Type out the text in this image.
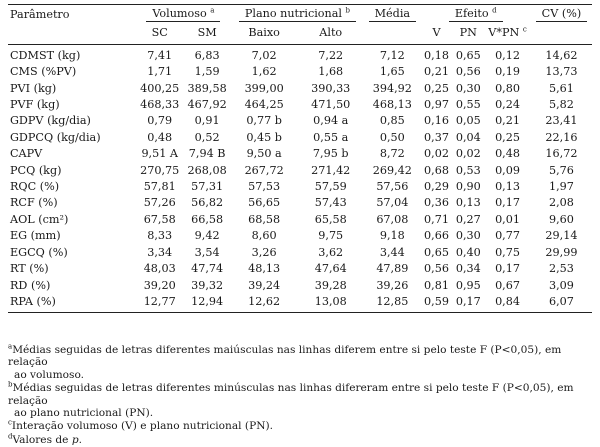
Parâmetro	Volumoso $^a$		Plano nutricional $^b$		Média	Efeito $^d$			CV (%)
	SC	SM	Baixo	Alto		V	PN	V*PN $^c$	
CDMST (kg)	7,41	6,83	7,02	7,22	7,12	0,18	0,65	0,12	14,62
CMS (%PV)	1,71	1,59	1,62	1,68	1,65	0,21	0,56	0,19	13,73
PVI (kg)	400,25	389,58	399,00	390,33	394,92	0,25	0,30	0,80	5,61
PVF (kg)	468,33	467,92	464,25	471,50	468,13	0,97	0,55	0,24	5,82
GDPV (kg/dia)	0,79	0,91	0,77 b	0,94 a	0,85	0,16	0,05	0,21	23,41
GDPCQ (kg/dia)	0,48	0,52	0,45 b	0,55 a	0,50	0,37	0,04	0,25	22,16
CAPV	9,51 A	7,94 B	9,50 a	7,95 b	8,72	0,02	0,02	0,48	16,72
PCQ (kg)	270,75	268,08	267,72	271,42	269,42	0,68	0,53	0,09	5,76
RQC (%)	57,81	57,31	57,53	57,59	57,56	0,29	0,90	0,13	1,97
RCF (%)	57,26	56,82	56,65	57,43	57,04	0,36	0,13	0,17	2,08
AOL (cm²)	67,58	66,58	68,58	65,58	67,08	0,71	0,27	0,01	9,60
EG (mm)	8,33	9,42	8,60	9,75	9,18	0,66	0,30	0,77	29,14
EGCQ (%)	3,34	3,54	3,26	3,62	3,44	0,65	0,40	0,75	29,99
RT (%)	48,03	47,74	48,13	47,64	47,89	0,56	0,34	0,17	2,53
RD (%)	39,20	39,32	39,24	39,28	39,26	0,81	0,95	0,67	3,09
RPA (%)	12,77	12,94	12,62	13,08	12,85	0,59	0,17	0,84	6,07
$^a$Médias seguidas de letras diferentes maiúsculas nas linhas diferem entre si pelo teste F (P<0,05), em relação
ao volumoso.
$^b$Médias seguidas de letras diferentes minúsculas nas linhas difereram entre si pelo teste F (P<0,05), em relação
ao plano nutricional (PN).
$^c$Interação volumoso (V) e plano nutricional (PN).
$^d$Valores de p.
